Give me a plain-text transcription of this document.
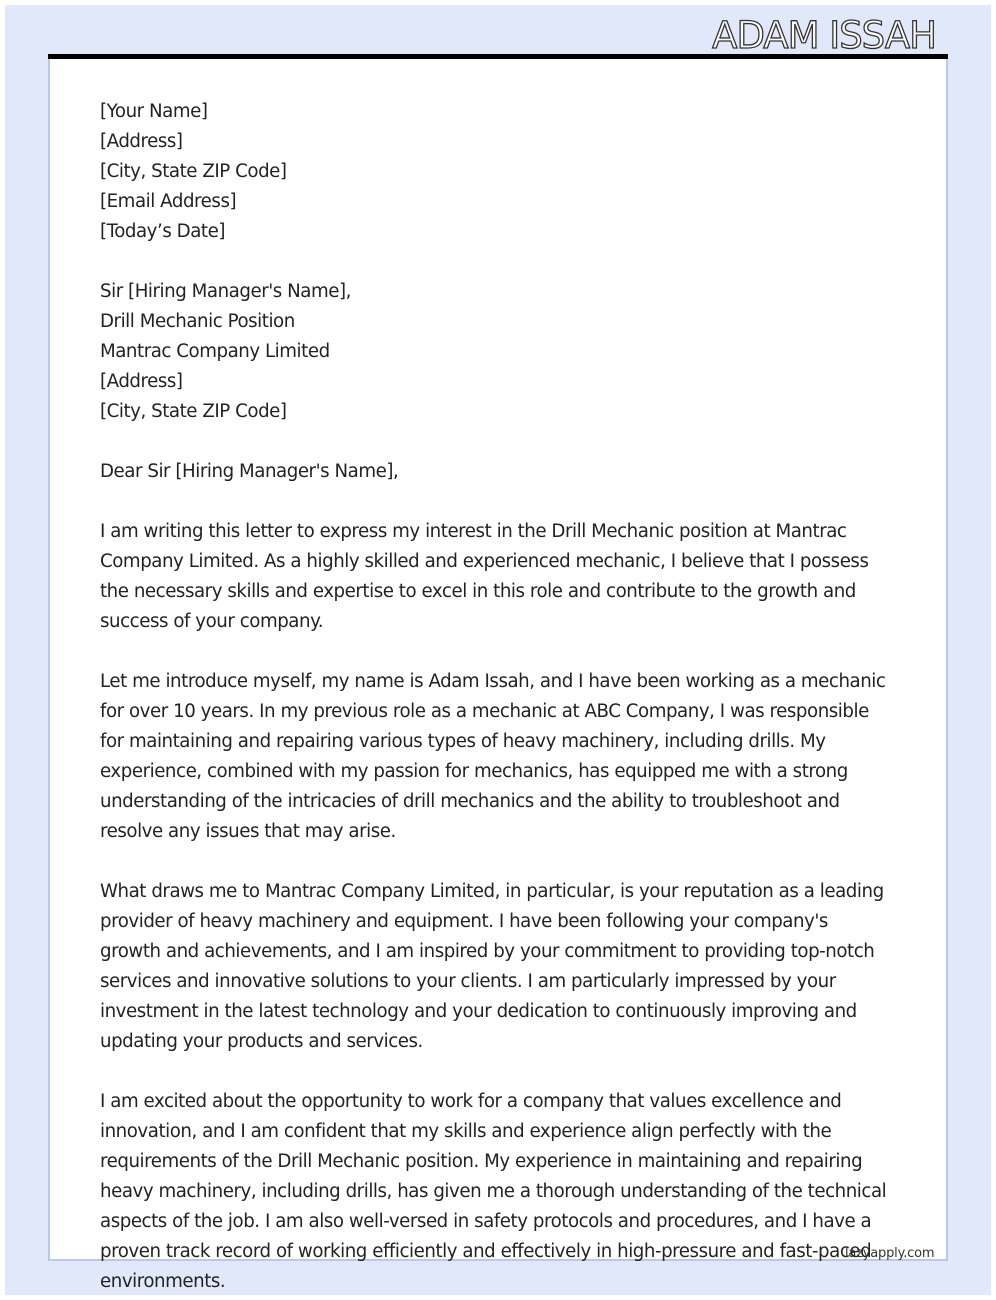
ADAM ISSAH
[Your Name]
[Address]
[City, State ZIP Code]
[Email Address]
[Today’s Date]
Sir [Hiring Manager's Name],
Drill Mechanic Position
Mantrac Company Limited
[Address]
[City, State ZIP Code]
Dear Sir [Hiring Manager's Name],
I am writing this letter to express my interest in the Drill Mechanic position at Mantrac
Company Limited. As a highly skilled and experienced mechanic, I believe that I possess
the necessary skills and expertise to excel in this role and contribute to the growth and
success of your company.
Let me introduce myself, my name is Adam Issah, and I have been working as a mechanic
for over 10 years. In my previous role as a mechanic at ABC Company, I was responsible
for maintaining and repairing various types of heavy machinery, including drills. My
experience, combined with my passion for mechanics, has equipped me with a strong
understanding of the intricacies of drill mechanics and the ability to troubleshoot and
resolve any issues that may arise.
What draws me to Mantrac Company Limited, in particular, is your reputation as a leading
provider of heavy machinery and equipment. I have been following your company's
growth and achievements, and I am inspired by your commitment to providing top-notch
services and innovative solutions to your clients. I am particularly impressed by your
investment in the latest technology and your dedication to continuously improving and
updating your products and services.
I am excited about the opportunity to work for a company that values excellence and
innovation, and I am confident that my skills and experience align perfectly with the
requirements of the Drill Mechanic position. My experience in maintaining and repairing
heavy machinery, including drills, has given me a thorough understanding of the technical
aspects of the job. I am also well-versed in safety protocols and procedures, and I have a
proven track record of working efficiently and effectively in high-pressure and fast-paced
environments.
lazyapply.com
